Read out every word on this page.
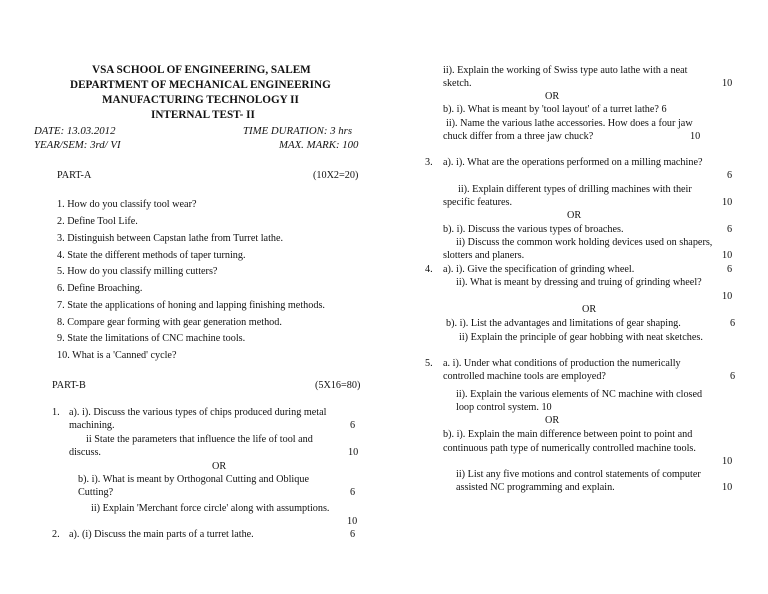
VSA SCHOOL OF ENGINEERING, SALEM
DEPARTMENT OF MECHANICAL ENGINEERING
MANUFACTURING TECHNOLOGY II
INTERNAL TEST- II
DATE: 13.03.2012	TIME DURATION: 3 hrs
YEAR/SEM: 3rd/ VI	MAX. MARK: 100
PART-A	(10X2=20)
1. How do you classify tool wear?
2. Define Tool Life.
3. Distinguish between Capstan lathe from Turret lathe.
4. State the different methods of taper turning.
5. How do you classify milling cutters?
6. Define Broaching.
7. State the applications of honing and lapping finishing methods.
8. Compare gear forming with gear generation method.
9. State the limitations of CNC machine tools.
10. What is a 'Canned' cycle?
PART-B	(5X16=80)
1. a). i). Discuss the various types of chips produced during metal
machining.	6
ii State the parameters that influence the life of tool and
discuss.	10
OR
b). i). What is meant by Orthogonal Cutting and Oblique
Cutting?	6
ii) Explain 'Merchant force circle' along with assumptions.
10
2. a). (i) Discuss the main parts of a turret lathe.	6
ii). Explain the working of Swiss type auto lathe with a neat
sketch.	10
OR
b). i). What is meant by 'tool layout' of a turret lathe? 6
ii). Name the various lathe accessories. How does a four jaw
chuck differ from a three jaw chuck?	10
3. a). i). What are the operations performed on a milling machine?
6
ii). Explain different types of drilling machines with their
specific features.	10
OR
b). i). Discuss the various types of broaches.	6
ii) Discuss the common work holding devices used on shapers,
slotters and planers.	10
4. a). i). Give the specification of grinding wheel.	6
ii). What is meant by dressing and truing of grinding wheel?
10
OR
b). i). List the advantages and limitations of gear shaping.	6
ii) Explain the principle of gear hobbing with neat sketches.
5. a. i). Under what conditions of production the numerically
controlled machine tools are employed?	6
ii). Explain the various elements of NC machine with closed
loop control system. 10
OR
b). i). Explain the main difference between point to point and
continuous path type of numerically controlled machine tools.
10
ii) List any five motions and control statements of computer
assisted NC programming and explain.	10
